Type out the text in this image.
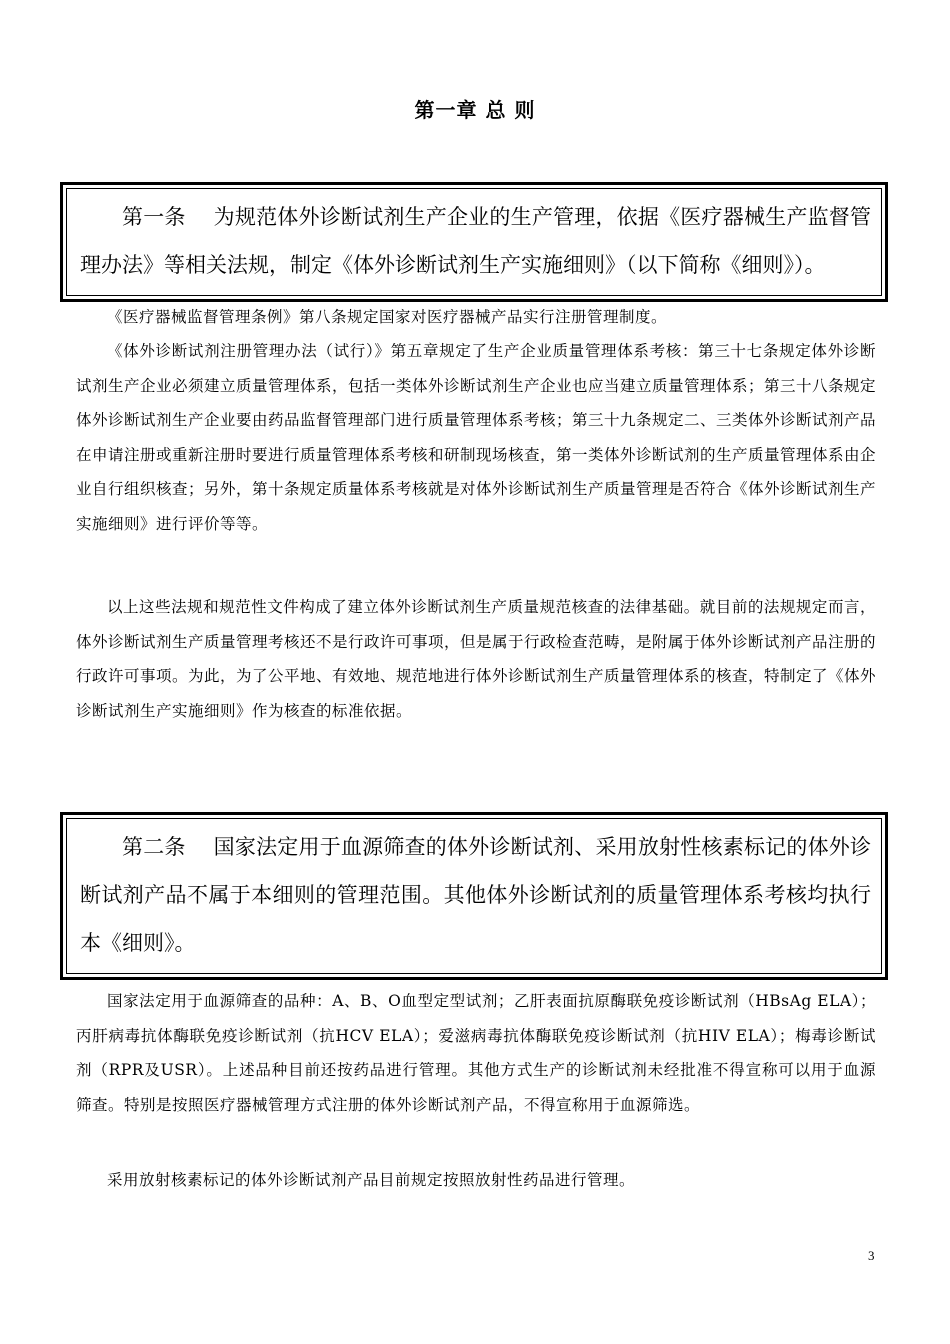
第一章 总 则
第一条 为规范体外诊断试剂生产企业的生产管理，依据《医疗器械生产监督管理办法》等相关法规，制定《体外诊断试剂生产实施细则》（以下简称《细则》）。
《医疗器械监督管理条例》第八条规定国家对医疗器械产品实行注册管理制度。
《体外诊断试剂注册管理办法（试行）》第五章规定了生产企业质量管理体系考核：第三十七条规定体外诊断试剂生产企业必须建立质量管理体系，包括一类体外诊断试剂生产企业也应当建立质量管理体系；第三十八条规定体外诊断试剂生产企业要由药品监督管理部门进行质量管理体系考核；第三十九条规定二、三类体外诊断试剂产品在申请注册或重新注册时要进行质量管理体系考核和研制现场核查，第一类体外诊断试剂的生产质量管理体系由企业自行组织核查；另外，第十条规定质量体系考核就是对体外诊断试剂生产质量管理是否符合《体外诊断试剂生产实施细则》进行评价等等。
以上这些法规和规范性文件构成了建立体外诊断试剂生产质量规范核查的法律基础。就目前的法规规定而言，体外诊断试剂生产质量管理考核还不是行政许可事项，但是属于行政检查范畴，是附属于体外诊断试剂产品注册的行政许可事项。为此，为了公平地、有效地、规范地进行体外诊断试剂生产质量管理体系的核查，特制定了《体外诊断试剂生产实施细则》作为核查的标准依据。
第二条 国家法定用于血源筛查的体外诊断试剂、采用放射性核素标记的体外诊断试剂产品不属于本细则的管理范围。其他体外诊断试剂的质量管理体系考核均执行本《细则》。
国家法定用于血源筛查的品种：A、B、O血型定型试剂；乙肝表面抗原酶联免疫诊断试剂（HBsAg ELA）；丙肝病毒抗体酶联免疫诊断试剂（抗HCV ELA）；爱滋病毒抗体酶联免疫诊断试剂（抗HIV ELA）；梅毒诊断试剂（RPR及USR）。上述品种目前还按药品进行管理。其他方式生产的诊断试剂未经批准不得宣称可以用于血源筛查。特别是按照医疗器械管理方式注册的体外诊断试剂产品，不得宣称用于血源筛选。
采用放射核素标记的体外诊断试剂产品目前规定按照放射性药品进行管理。
3
